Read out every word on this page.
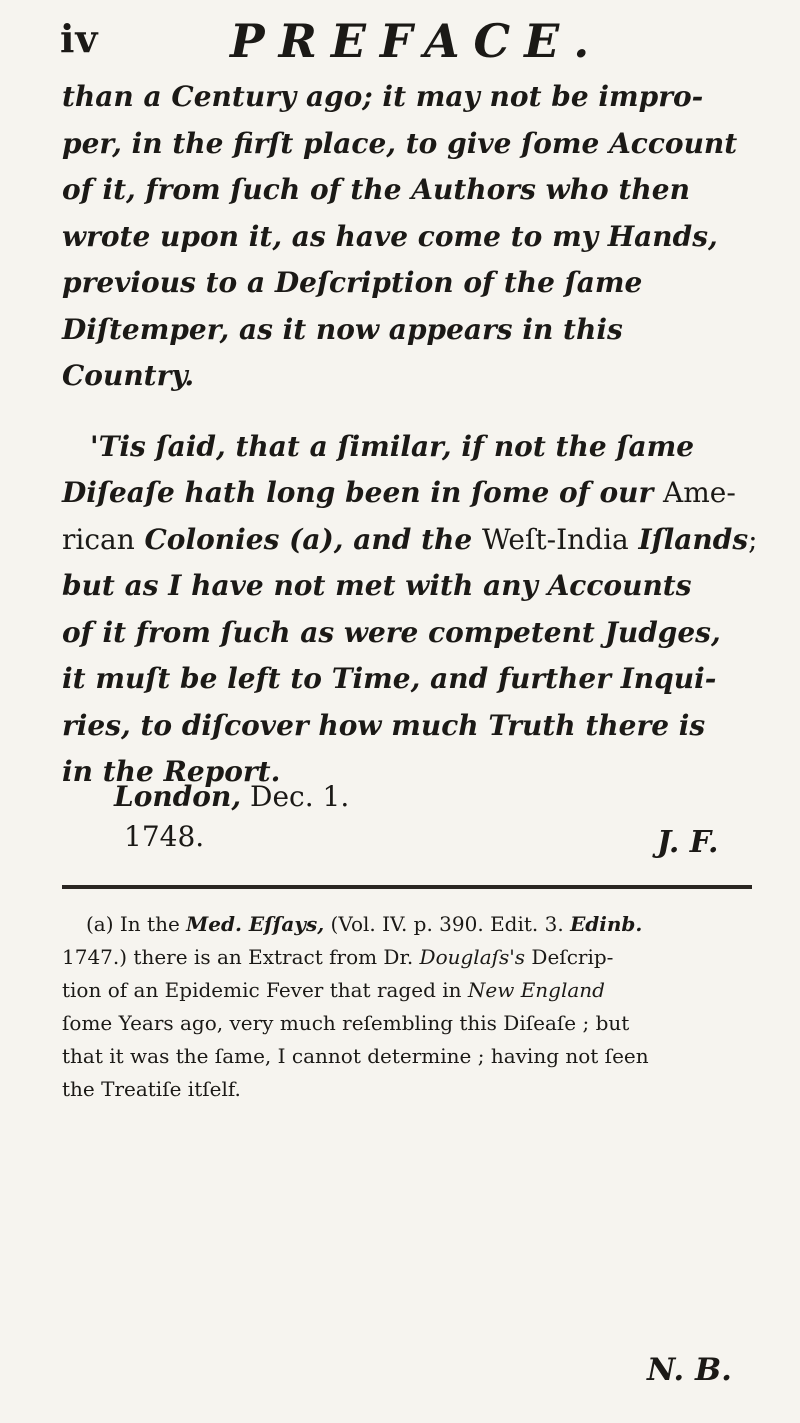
iv	PREFACE.

than a Century ago; it may not be impro-
per, in the firſt place, to give ſome Account
of it, from ſuch of the Authors who then
wrote upon it, as have come to my Hands,
previous to a Deſcription of the ſame
Diſtemper, as it now appears in this
Country.

'Tis ſaid, that a ſimilar, if not the ſame
Diſeaſe hath long been in ſome of our Ame-
rican Colonies (a), and the Weſt-India Iſlands;
but as I have not met with any Accounts
of it from ſuch as were competent Judges,
it muſt be left to Time, and further Inqui-
ries, to diſcover how much Truth there is
in the Report.

London, Dec. 1.
1748.	J. F.
(a) In the Med. Eſſays, (Vol. IV. p. 390. Edit. 3. Edinb.
1747.) there is an Extract from Dr. Douglaſs's Deſcrip-
tion of an Epidemic Fever that raged in New England
ſome Years ago, very much reſembling this Diſeaſe ; but
that it was the ſame, I cannot determine ; having not ſeen
the Treatiſe itſelf.
N. B.
